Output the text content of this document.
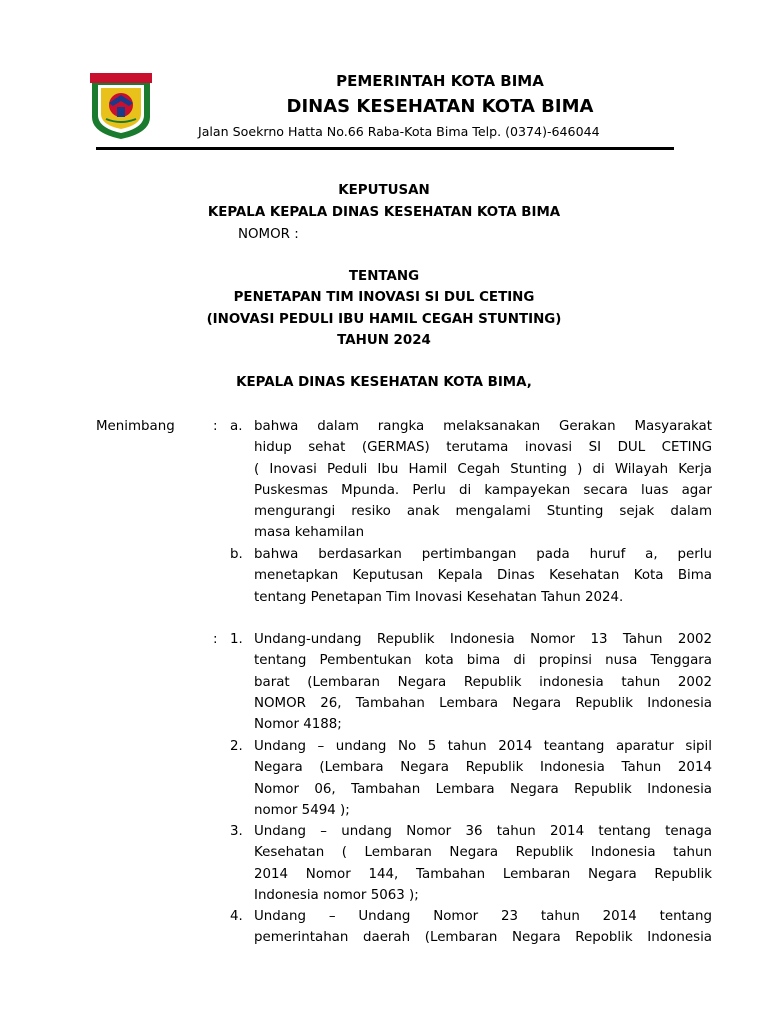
PEMERINTAH KOTA BIMA
DINAS KESEHATAN KOTA BIMA
Jalan Soekrno Hatta No.66 Raba-Kota Bima Telp. (0374)-646044
KEPUTUSAN
KEPALA KEPALA DINAS KESEHATAN KOTA BIMA
NOMOR :
TENTANG
PENETAPAN TIM INOVASI SI DUL CETING
(INOVASI PEDULI IBU HAMIL CEGAH STUNTING)
TAHUN 2024
KEPALA DINAS KESEHATAN KOTA BIMA,
Menimbang	: a. bahwa dalam rangka melaksanakan Gerakan Masyarakat
hidup sehat (GERMAS) terutama inovasi SI DUL CETING
( Inovasi Peduli Ibu Hamil Cegah Stunting ) di Wilayah Kerja
Puskesmas Mpunda. Perlu di kampayekan secara luas agar
mengurangi resiko anak mengalami Stunting sejak dalam
masa kehamilan
b. bahwa berdasarkan pertimbangan pada huruf a, perlu
menetapkan Keputusan Kepala Dinas Kesehatan Kota Bima
tentang Penetapan Tim Inovasi Kesehatan Tahun 2024.
: 1. Undang-undang Republik Indonesia Nomor 13 Tahun 2002
tentang Pembentukan kota bima di propinsi nusa Tenggara
barat (Lembaran Negara Republik indonesia tahun 2002
NOMOR 26, Tambahan Lembara Negara Republik Indonesia
Nomor 4188;
2. Undang – undang No 5 tahun 2014 teantang aparatur sipil
Negara (Lembara Negara Republik Indonesia Tahun 2014
Nomor 06, Tambahan Lembara Negara Republik Indonesia
nomor 5494 );
3. Undang – undang Nomor 36 tahun 2014 tentang tenaga
Kesehatan ( Lembaran Negara Republik Indonesia tahun
2014 Nomor 144, Tambahan Lembaran Negara Republik
Indonesia nomor 5063 );
4. Undang – Undang Nomor 23 tahun 2014 tentang
pemerintahan daerah (Lembaran Negara Repoblik Indonesia
